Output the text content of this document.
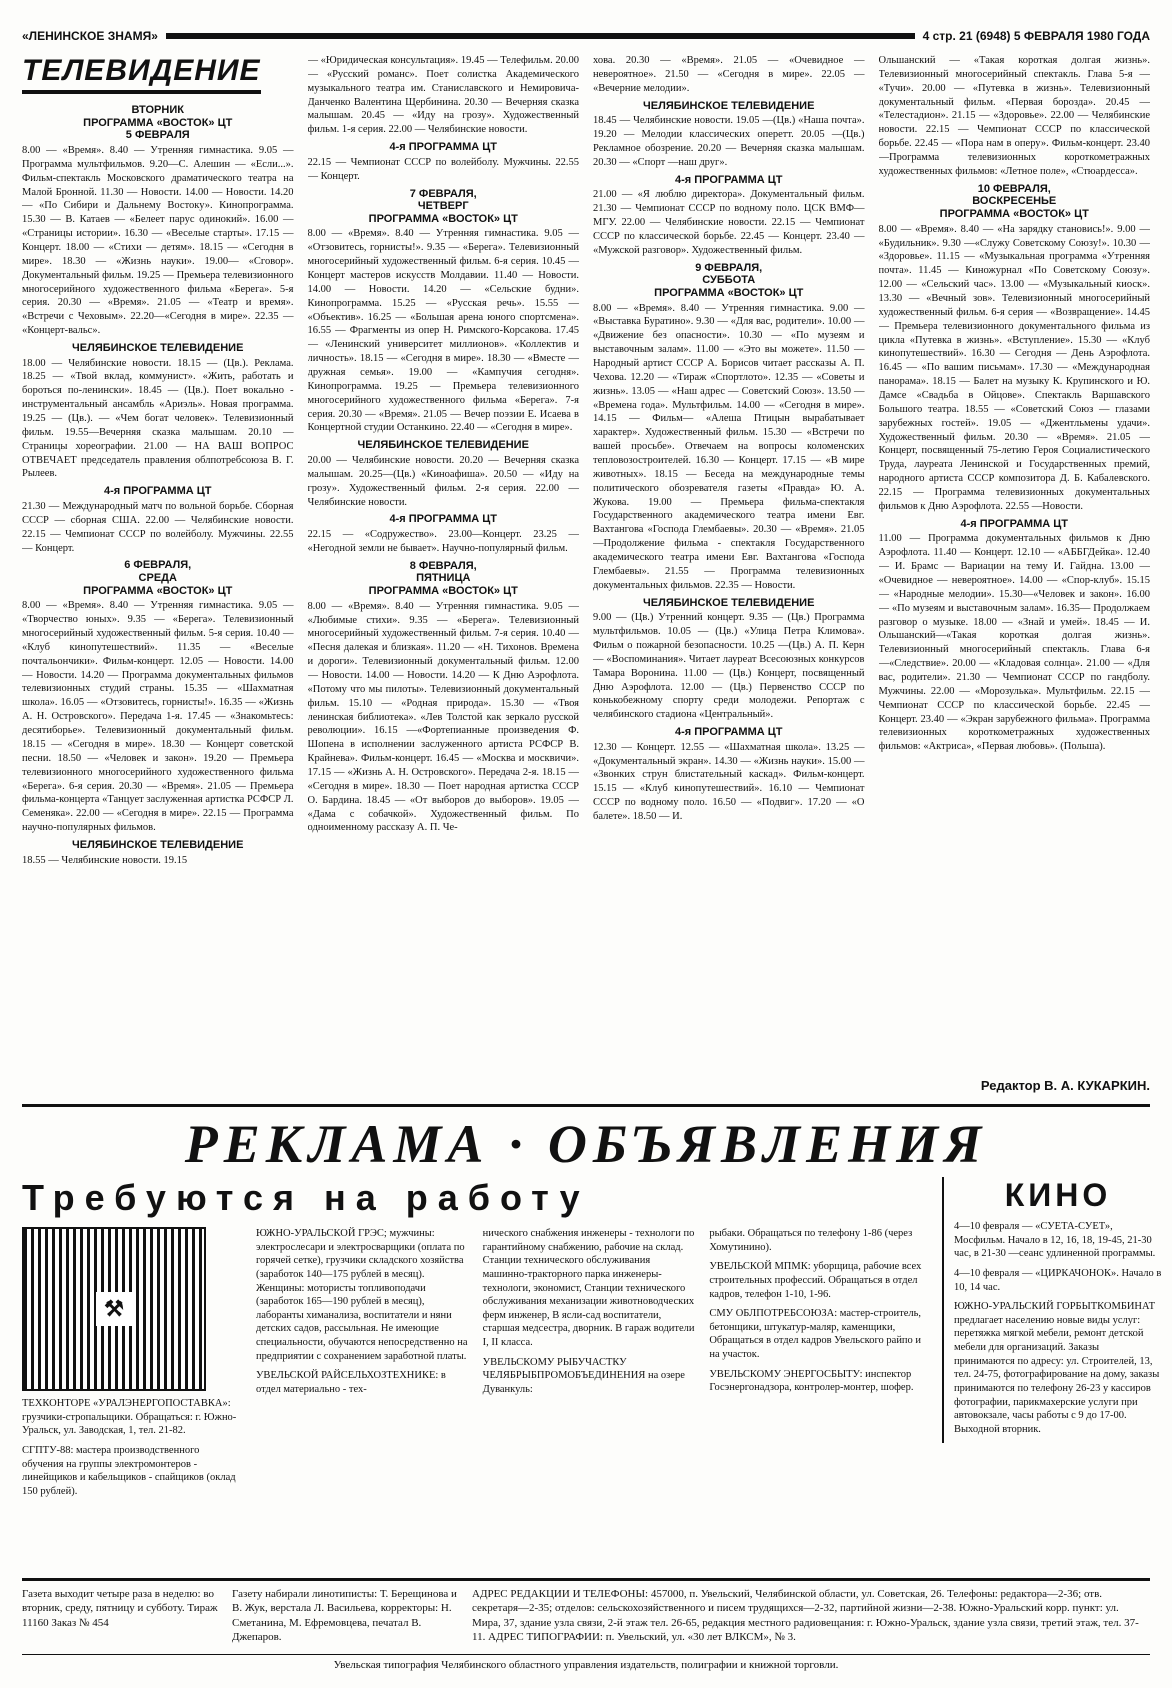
«ЛЕНИНСКОЕ ЗНАМЯ»	4 стр. 21 (6948) 5 ФЕВРАЛЯ 1980 ГОДА
ТЕЛЕВИДЕНИЕ
ВТОРНИК
ПРОГРАММА «ВОСТОК» ЦТ
5 ФЕВРАЛЯ

8.00 — «Время». 8.40 — Утренняя гимнастика. 9.05 — Программа мультфильмов. 9.20—С. Алешин — «Если...». Фильм-спектакль Московского драматического театра на Малой Бронной. 11.30 — Новости. 14.00 — Новости. 14.20 — «По Сибири и Дальнему Востоку». Кинопрограмма. 15.30 — В. Катаев — «Белеет парус одинокий». 16.00 — «Страницы истории». 16.30 — «Веселые старты». 17.15 — Концерт. 18.00 — «Стихи — детям». 18.15 — «Сегодня в мире». 18.30 — «Жизнь науки». 19.00— «Сговор». Документальный фильм. 19.25 — Премьера телевизионного многосерийного художественного фильма «Берега». 5-я серия. 20.30 — «Время». 21.05 — «Театр и время». «Встречи с Чеховым». 22.20—«Сегодня в мире». 22.35 — «Концерт-вальс».

ЧЕЛЯБИНСКОЕ ТЕЛЕВИДЕНИЕ

18.00 — Челябинские новости. 18.15 — (Цв.). Реклама. 18.25 — «Твой вклад, коммунист». «Жить, работать и бороться по-ленински». 18.45 — (Цв.). Поет вокально - инструментальный ансамбль «Ариэль». Новая программа. 19.25 — (Цв.). — «Чем богат человек». Телевизионный фильм. 19.55—Вечерняя сказка малышам. 20.10 — Страницы хореографии. 21.00 — НА ВАШ ВОПРОС ОТВЕЧАЕТ председатель правления облпотребсоюза В. Г. Рылеев.

4-я ПРОГРАММА ЦТ

21.30 — Международный матч по вольной борьбе. Сборная СССР — сборная США. 22.00 — Челябинские новости. 22.15 — Чемпионат СССР по волейболу. Мужчины. 22.55 — Концерт.

6 ФЕВРАЛЯ,
СРЕДА
ПРОГРАММА «ВОСТОК» ЦТ

8.00 — «Время». 8.40 — Утренняя гимнастика. 9.05 — «Творчество юных». 9.35 — «Берега». Телевизионный многосерийный художественный фильм. 5-я серия. 10.40 — «Клуб кинопутешествий». 11.35 — «Веселые почтальончики». Фильм-концерт. 12.05 — Новости. 14.00 — Новости. 14.20 — Программа документальных фильмов телевизионных студий страны. 15.35 — «Шахматная школа». 16.05 — «Отзовитесь, горнисты!». 16.35 — «Жизнь А. Н. Островского». Передача 1-я. 17.45 — «Знакомьтесь: десятиборье». Телевизионный документальный фильм. 18.15 — «Сегодня в мире». 18.30 — Концерт советской песни. 18.50 — «Человек и закон». 19.20 — Премьера телевизионного многосерийного художественного фильма «Берега». 6-я серия. 20.30 — «Время». 21.05 — Премьера фильма-концерта «Танцует заслуженная артистка РСФСР Л. Семеняка». 22.00 — «Сегодня в мире». 22.15 — Программа научно-популярных фильмов.

ЧЕЛЯБИНСКОЕ ТЕЛЕВИДЕНИЕ

18.55 — Челябинские новости. 19.15

— «Юридическая консультация». 19.45 — Телефильм. 20.00 — «Русский романс». Поет солистка Академического музыкального театра им. Станиславского и Немировича-Данченко Валентина Щербинина. 20.30 — Вечерняя сказка малышам. 20.45 — «Иду на грозу». Художественный фильм. 1-я серия. 22.00 — Челябинские новости.

4-я ПРОГРАММА ЦТ

22.15 — Чемпионат СССР по волейболу. Мужчины. 22.55 — Концерт.

7 ФЕВРАЛЯ,
ЧЕТВЕРГ
ПРОГРАММА «ВОСТОК» ЦТ

8.00 — «Время». 8.40 — Утренняя гимнастика. 9.05 — «Отзовитесь, горнисты!». 9.35 — «Берега». Телевизионный многосерийный художественный фильм. 6-я серия. 10.45 — Концерт мастеров искусств Молдавии. 11.40 — Новости. 14.00 — Новости. 14.20 — «Сельские будни». Кинопрограмма. 15.25 — «Русская речь». 15.55 — «Объектив». 16.25 — «Большая арена юного спортсмена». 16.55 — Фрагменты из опер Н. Римского-Корсакова. 17.45 — «Ленинский университет миллионов». «Коллектив и личность». 18.15 — «Сегодня в мире». 18.30 — «Вместе — дружная семья». 19.00 — «Кампучия сегодня». Кинопрограмма. 19.25 — Премьера телевизионного многосерийного художественного фильма «Берега». 7-я серия. 20.30 — «Время». 21.05 — Вечер поэзии Е. Исаева в Концертной студии Останкино. 22.40 — «Сегодня в мире».

ЧЕЛЯБИНСКОЕ ТЕЛЕВИДЕНИЕ

20.00 — Челябинские новости. 20.20 — Вечерняя сказка малышам. 20.25—(Цв.) «Киноафиша». 20.50 — «Иду на грозу». Художественный фильм. 2-я серия. 22.00 — Челябинские новости.

4-я ПРОГРАММА ЦТ

22.15 — «Содружество». 23.00—Концерт. 23.25 — «Негодной земли не бывает». Научно-популярный фильм.

8 ФЕВРАЛЯ,
ПЯТНИЦА
ПРОГРАММА «ВОСТОК» ЦТ

8.00 — «Время». 8.40 — Утренняя гимнастика. 9.05 — «Любимые стихи». 9.35 — «Берега». Телевизионный многосерийный художественный фильм. 7-я серия. 10.40 — «Песня далекая и близкая». 11.20 — «Н. Тихонов. Времена и дороги». Телевизионный документальный фильм. 12.00 — Новости. 14.00 — Новости. 14.20 — К Дню Аэрофлота. «Потому что мы пилоты». Телевизионный документальный фильм. 15.10 — «Родная природа». 15.30 — «Твоя ленинская библиотека». «Лев Толстой как зеркало русской революции». 16.15 —«Фортепианные произведения Ф. Шопена в исполнении заслуженного артиста РСФСР В. Крайнева». Фильм-концерт. 16.45 — «Москва и москвичи». 17.15 — «Жизнь А. Н. Островского». Передача 2-я. 18.15 — «Сегодня в мире». 18.30 — Поет народная артистка СССР О. Бардина. 18.45 — «От выборов до выборов». 19.05 — «Дама с собачкой». Художественный фильм. По одноименному рассказу А. П. Че-

хова. 20.30 — «Время». 21.05 — «Очевидное — невероятное». 21.50 — «Сегодня в мире». 22.05 — «Вечерние мелодии».

ЧЕЛЯБИНСКОЕ ТЕЛЕВИДЕНИЕ

18.45 — Челябинские новости. 19.05 —(Цв.) «Наша почта». 19.20 — Мелодии классических оперетт. 20.05 —(Цв.) Рекламное обозрение. 20.20 — Вечерняя сказка малышам. 20.30 — «Спорт —наш друг».

4-я ПРОГРАММА ЦТ

21.00 — «Я люблю директора». Документальный фильм. 21.30 — Чемпионат СССР по водному поло. ЦСК ВМФ—МГУ. 22.00 — Челябинские новости. 22.15 — Чемпионат СССР по классической борьбе. 22.45 — Концерт. 23.40 — «Мужской разговор». Художественный фильм.

9 ФЕВРАЛЯ,
СУББОТА
ПРОГРАММА «ВОСТОК» ЦТ

8.00 — «Время». 8.40 — Утренняя гимнастика. 9.00 — «Выставка Буратино». 9.30 — «Для вас, родители». 10.00 — «Движение без опасности». 10.30 — «По музеям и выставочным залам». 11.00 — «Это вы можете». 11.50 — Народный артист СССР А. Борисов читает рассказы А. П. Чехова. 12.20 — «Тираж «Спортлото». 12.35 — «Советы и жизнь». 13.05 — «Наш адрес — Советский Союз». 13.50 — «Времена года». Мультфильм. 14.00 — «Сегодня в мире». 14.15 — Фильм— «Алеша Птицын вырабатывает характер». Художественный фильм. 15.30 — «Встречи по вашей просьбе». Отвечаем на вопросы коломенских тепловозостроителей. 16.30 — Концерт. 17.15 — «В мире животных». 18.15 — Беседа на международные темы политического обозревателя газеты «Правда» Ю. А. Жукова. 19.00 — Премьера фильма-спектакля Государственного академического театра имени Евг. Вахтангова «Господа Глембаевы». 20.30 — «Время». 21.05 —Продолжение фильма - спектакля Государственного академического театра имени Евг. Вахтангова «Господа Глембаевы». 21.55 — Программа телевизионных документальных фильмов. 22.35 — Новости.

ЧЕЛЯБИНСКОЕ ТЕЛЕВИДЕНИЕ

9.00 — (Цв.) Утренний концерт. 9.35 — (Цв.) Программа мультфильмов. 10.05 — (Цв.) «Улица Петра Климова». Фильм о пожарной безопасности. 10.25 —(Цв.) А. П. Керн — «Воспоминания». Читает лауреат Всесоюзных конкурсов Тамара Воронина. 11.00 — (Цв.) Концерт, посвященный Дню Аэрофлота. 12.00 — (Цв.) Первенство СССР по конькобежному спорту среди молодежи. Репортаж с челябинского стадиона «Центральный».

4-я ПРОГРАММА ЦТ

12.30 — Концерт. 12.55 — «Шахматная школа». 13.25 — «Документальный экран». 14.30 — «Жизнь науки». 15.00 — «Звонких струн блистательный каскад». Фильм-концерт. 15.15 — «Клуб кинопутешествий». 16.10 — Чемпионат СССР по водному поло. 16.50 — «Подвиг». 17.20 — «О балете». 18.50 — И.

Ольшанский — «Такая короткая долгая жизнь». Телевизионный многосерийный спектакль. Глава 5-я — «Тучи». 20.00 — «Путевка в жизнь». Телевизионный документальный фильм. «Первая борозда». 20.45 — «Телестадион». 21.15 — «Здоровье». 22.00 — Челябинские новости. 22.15 — Чемпионат СССР по классической борьбе. 22.45 — «Пора нам в оперу». Фильм-концерт. 23.40 —Программа телевизионных короткометражных художественных фильмов: «Летное поле», «Стюардесса».

10 ФЕВРАЛЯ,
ВОСКРЕСЕНЬЕ
ПРОГРАММА «ВОСТОК» ЦТ

8.00 — «Время». 8.40 — «На зарядку становись!». 9.00 — «Будильник». 9.30 —«Служу Советскому Союзу!». 10.30 — «Здоровье». 11.15 — «Музыкальная программа «Утренняя почта». 11.45 — Киножурнал «По Советскому Союзу». 12.00 — «Сельский час». 13.00 — «Музыкальный киоск». 13.30 — «Вечный зов». Телевизионный многосерийный художественный фильм. 6-я серия — «Возвращение». 14.45 — Премьера телевизионного документального фильма из цикла «Путевка в жизнь». «Вступление». 15.30 — «Клуб кинопутешествий». 16.30 — Сегодня — День Аэрофлота. 16.45 — «По вашим письмам». 17.30 — «Международная панорама». 18.15 — Балет на музыку К. Крупинского и Ю. Дамсе «Свадьба в Ойцове». Спектакль Варшавского Большого театра. 18.55 — «Советский Союз — глазами зарубежных гостей». 19.05 — «Джентльмены удачи». Художественный фильм. 20.30 — «Время». 21.05 — Концерт, посвященный 75-летию Героя Социалистического Труда, лауреата Ленинской и Государственных премий, народного артиста СССР композитора Д. Б. Кабалевского. 22.15 — Программа телевизионных документальных фильмов к Дню Аэрофлота. 22.55 —Новости.

4-я ПРОГРАММА ЦТ

11.00 — Программа документальных фильмов к Дню Аэрофлота. 11.40 — Концерт. 12.10 — «АББГДейка». 12.40 — И. Брамс — Вариации на тему И. Гайдна. 13.00 — «Очевидное — невероятное». 14.00 — «Спор-клуб». 15.15 — «Народные мелодии». 15.30—«Человек и закон». 16.00 — «По музеям и выставочным залам». 16.35— Продолжаем разговор о музыке. 18.00 — «Знай и умей». 18.45 — И. Ольшанский—«Такая короткая долгая жизнь». Телевизионный многосерийный спектакль. Глава 6-я —«Следствие». 20.00 — «Кладовая солнца». 21.00 — «Для вас, родители». 21.30 — Чемпионат СССР по гандболу. Мужчины. 22.00 — «Морозулька». Мультфильм. 22.15 — Чемпионат СССР по классической борьбе. 22.45 — Концерт. 23.40 — «Экран зарубежного фильма». Программа телевизионных короткометражных художественных фильмов: «Актриса», «Первая любовь». (Польша).

Редактор В. А. КУКАРКИН.
РЕКЛАМА · ОБЪЯВЛЕНИЯ
Требуются на работу
⚒

ТЕХКОНТОРЕ «УРАЛЭНЕРГОПОСТАВКА»: грузчики-стропальщики. Обращаться: г. Южно-Уральск, ул. Заводская, 1, тел. 21-82.

СГПТУ-88: мастера производственного обучения на группы электромонтеров - линейщиков и кабельщиков - спайщиков (оклад 150 рублей).

ЮЖНО-УРАЛЬСКОЙ ГРЭС; мужчины: электрослесари и электросварщики (оплата по горячей сетке), грузчики складского хозяйства (заработок 140—175 рублей в месяц). Женщины: мотористы топливоподачи (заработок 165—190 рублей в месяц), лаборанты химанализа, воспитатели и няни детских садов, рассыльная. Не имеющие специальности, обучаются непосредственно на предприятии с сохранением заработной платы.

УВЕЛЬСКОЙ РАЙСЕЛЬХОЗТЕХНИКЕ: в отдел материально - тех-

нического снабжения инженеры - технологи по гарантийному снабжению, рабочие на склад. Станции технического обслуживания машинно-тракторного парка инженеры-технологи, экономист, Станции технического обслуживания механизации животноводческих ферм инженер, В ясли-сад воспитатели, старшая медсестра, дворник. В гараж водители I, II класса.

УВЕЛЬСКОМУ РЫБУЧАСТКУ ЧЕЛЯБРЫБПРОМОБЪЕДИНЕНИЯ на озере Дуванкуль:

рыбаки. Обращаться по телефону 1-86 (через Хомутинино).

УВЕЛЬСКОЙ МПМК: уборщица, рабочие всех строительных профессий. Обращаться в отдел кадров, телефон 1-10, 1-96.

СМУ ОБЛПОТРЕБСОЮЗА: мастер-строитель, бетонщики, штукатур-маляр, каменщики, Обращаться в отдел кадров Увельского райпо и на участок.

УВЕЛЬСКОМУ ЭНЕРГОСБЫТУ: инспектор Госэнергонадзора, контролер-монтер, шофер.

КИНО

4—10 февраля — «СУЕТА-СУЕТ», Мосфильм. Начало в 12, 16, 18, 19-45, 21-30 час, в 21-30 —сеанс удлиненной программы.

4—10 февраля — «ЦИРКАЧОНОК». Начало в 10, 14 час.

ЮЖНО-УРАЛЬСКИЙ ГОРБЫТКОМБИНАТ предлагает населению новые виды услуг: перетяжка мягкой мебели, ремонт детской мебели для организаций. Заказы принимаются по адресу: ул. Строителей, 13, тел. 24-75, фотографирование на дому, заказы принимаются по телефону 26-23 у кассиров фотографии, парикмахерские услуги при автовокзале, часы работы с 9 до 17-00. Выходной вторник.

Газета выходит четыре раза в неделю: во вторник, среду, пятницу и субботу. Тираж 11160 Заказ № 454
Газету набирали линотиписты: Т. Берещинова и В. Жук, верстала Л. Васильева, корректоры: Н. Сметанина, М. Ефремовцева, печатал В. Джепаров.
АДРЕС РЕДАКЦИИ И ТЕЛЕФОНЫ: 457000, п. Увельский, Челябинской области, ул. Советская, 26. Телефоны: редактора—2-36; отв. секретаря—2-35; отделов: сельскохозяйственного и писем трудящихся—2-32, партийной жизни—2-38. Южно-Уральский корр. пункт: ул. Мира, 37, здание узла связи, 2-й этаж тел. 26-65, редакция местного радиовещания: г. Южно-Уральск, здание узла связи, третий этаж, тел. 37-11. АДРЕС ТИПОГРАФИИ: п. Увельский, ул. «30 лет ВЛКСМ», № 3.
Увельская типография Челябинского областного управления издательств, полиграфии и книжной торговли.
